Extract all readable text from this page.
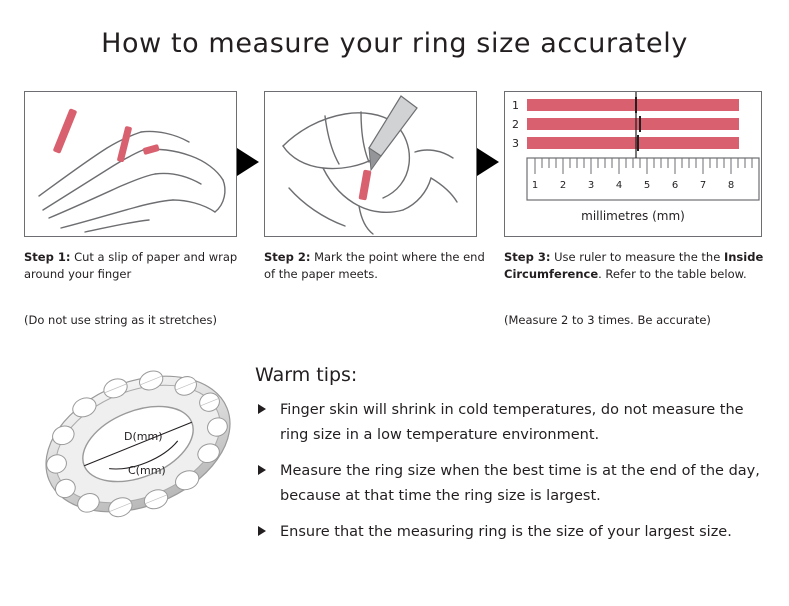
How to measure your ring size accurately
1
2
3
1 2 3 4 5 6 7 8
millimetres (mm)
Step 1: Cut a slip of paper and wrap around your finger
(Do not use string as it stretches)
Step 2: Mark the point where the end of the paper meets.
Step 3: Use ruler to measure the the Inside Circumference. Refer to the table below.
(Measure 2 to 3 times. Be accurate)
D(mm)
C(mm)
Warm tips:
Finger skin will shrink in cold temperatures, do not measure the ring size in a low temperature environment.
Measure the ring size when the best time is at the end of the day, because at that time the ring size is largest.
Ensure that the measuring ring is the size of your largest size.
